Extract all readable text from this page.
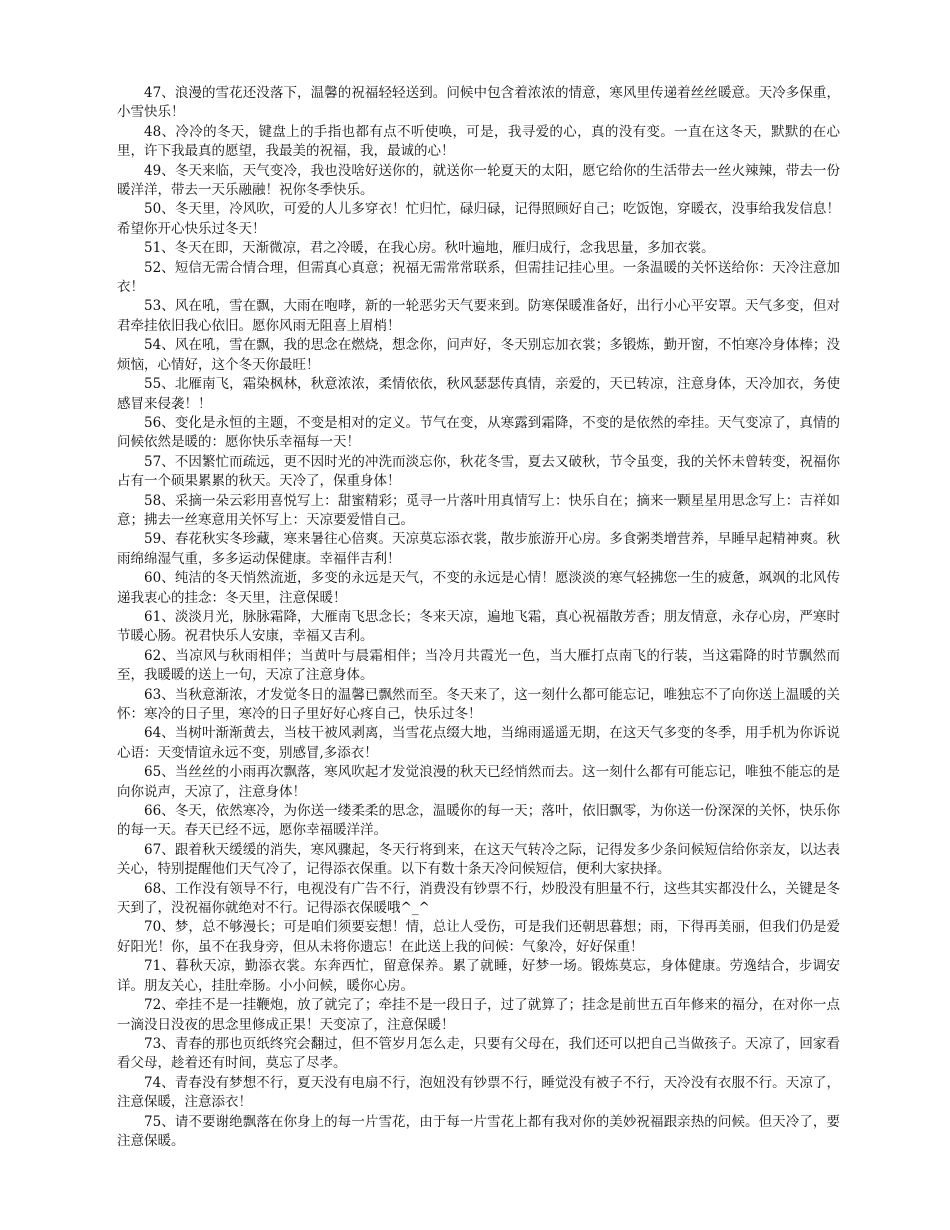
47、浪漫的雪花还没落下，温馨的祝福轻轻送到。问候中包含着浓浓的情意，寒风里传递着丝丝暖意。天冷多保重，小雪快乐！

48、冷冷的冬天，键盘上的手指也都有点不听使唤，可是，我寻爱的心，真的没有变。一直在这冬天，默默的在心里，许下我最真的愿望，我最美的祝福，我，最诚的心！

49、冬天来临，天气变冷，我也没啥好送你的，就送你一轮夏天的太阳，愿它给你的生活带去一丝火辣辣，带去一份暖洋洋，带去一天乐融融！祝你冬季快乐。

50、冬天里，冷风吹，可爱的人儿多穿衣！忙归忙，碌归碌，记得照顾好自己；吃饭饱，穿暖衣，没事给我发信息！希望你开心快乐过冬天！

51、冬天在即，天渐微凉，君之冷暖，在我心房。秋叶遍地，雁归成行，念我思量，多加衣裳。

52、短信无需合情合理，但需真心真意；祝福无需常常联系，但需挂记挂心里。一条温暖的关怀送给你：天冷注意加衣！

53、风在吼，雪在飘，大雨在咆哮，新的一轮恶劣天气要来到。防寒保暖准备好，出行小心平安罩。天气多变，但对君牵挂依旧我心依旧。愿你风雨无阻喜上眉梢！

54、风在吼，雪在飘，我的思念在燃烧，想念你，问声好，冬天别忘加衣裳；多锻炼，勤开窗，不怕寒冷身体棒；没烦恼，心情好，这个冬天你最旺！

55、北雁南飞，霜染枫林，秋意浓浓，柔情依依，秋风瑟瑟传真情，亲爱的，天已转凉，注意身体，天冷加衣，务使感冒来侵袭！！

56、变化是永恒的主题，不变是相对的定义。节气在变，从寒露到霜降，不变的是依然的牵挂。天气变凉了，真情的问候依然是暖的：愿你快乐幸福每一天！

57、不因繁忙而疏远，更不因时光的冲洗而淡忘你，秋花冬雪，夏去又破秋，节令虽变，我的关怀未曾转变，祝福你占有一个硕果累累的秋天。天冷了，保重身体！

58、采摘一朵云彩用喜悦写上：甜蜜精彩；觅寻一片落叶用真情写上：快乐自在；摘来一颗星星用思念写上：吉祥如意；拂去一丝寒意用关怀写上：天凉要爱惜自己。

59、春花秋实冬珍藏，寒来暑往心倍爽。天凉莫忘添衣裳，散步旅游开心房。多食粥类增营养，早睡早起精神爽。秋雨绵绵湿气重，多多运动保健康。幸福伴吉利！

60、纯洁的冬天悄然流逝，多变的永远是天气，不变的永远是心情！愿淡淡的寒气轻拂您一生的疲惫，飒飒的北风传递我衷心的挂念：冬天里，注意保暖！

61、淡淡月光，脉脉霜降，大雁南飞思念长；冬来天凉，遍地飞霜，真心祝福散芳香；朋友情意，永存心房，严寒时节暖心肠。祝君快乐人安康，幸福又吉利。

62、当凉风与秋雨相伴；当黄叶与晨霜相伴；当冷月共霞光一色，当大雁打点南飞的行装，当这霜降的时节飘然而至，我暖暖的送上一句，天凉了注意身体。

63、当秋意渐浓，才发觉冬日的温馨已飘然而至。冬天来了，这一刻什么都可能忘记，唯独忘不了向你送上温暖的关怀：寒冷的日子里，寒冷的日子里好好心疼自己，快乐过冬！

64、当树叶渐渐黄去，当枝干被风剥离，当雪花点缀大地，当绵雨遥遥无期，在这天气多变的冬季，用手机为你诉说心语：天变情谊永远不变，别感冒,多添衣！

65、当丝丝的小雨再次飘落，寒风吹起才发觉浪漫的秋天已经悄然而去。这一刻什么都有可能忘记，唯独不能忘的是向你说声，天凉了，注意身体！

66、冬天，依然寒冷，为你送一缕柔柔的思念，温暖你的每一天；落叶，依旧飘零，为你送一份深深的关怀，快乐你的每一天。春天已经不远，愿你幸福暖洋洋。

67、跟着秋天缓缓的消失，寒风骤起，冬天行将到来，在这天气转冷之际，记得发多少条问候短信给你亲友，以达表关心，特别提醒他们天气冷了，记得添衣保重。以下有数十条天冷问候短信，便利大家抉择。

68、工作没有领导不行，电视没有广告不行，消费没有钞票不行，炒股没有胆量不行，这些其实都没什么，关键是冬天到了，没祝福你就绝对不行。记得添衣保暖哦^_^

70、梦，总不够漫长；可是咱们须要妄想！情，总让人受伤，可是我们还朝思暮想；雨，下得再美丽，但我们仍是爱好阳光！你，虽不在我身旁，但从未将你遗忘！在此送上我的问候：气象冷，好好保重！

71、暮秋天凉，勤添衣裳。东奔西忙，留意保养。累了就睡，好梦一场。锻炼莫忘，身体健康。劳逸结合，步调安详。朋友关心，挂肚牵肠。小小问候，暖你心房。

72、牵挂不是一挂鞭炮，放了就完了；牵挂不是一段日子，过了就算了；挂念是前世五百年修来的福分，在对你一点一滴没日没夜的思念里修成正果！天变凉了，注意保暖！

73、青春的那也页纸终究会翻过，但不管岁月怎么走，只要有父母在，我们还可以把自己当做孩子。天凉了，回家看看父母，趁着还有时间，莫忘了尽孝。

74、青春没有梦想不行，夏天没有电扇不行，泡妞没有钞票不行，睡觉没有被子不行，天冷没有衣服不行。天凉了，注意保暖，注意添衣！

75、请不要谢绝飘落在你身上的每一片雪花，由于每一片雪花上都有我对你的美妙祝福跟亲热的问候。但天冷了，要注意保暖。
